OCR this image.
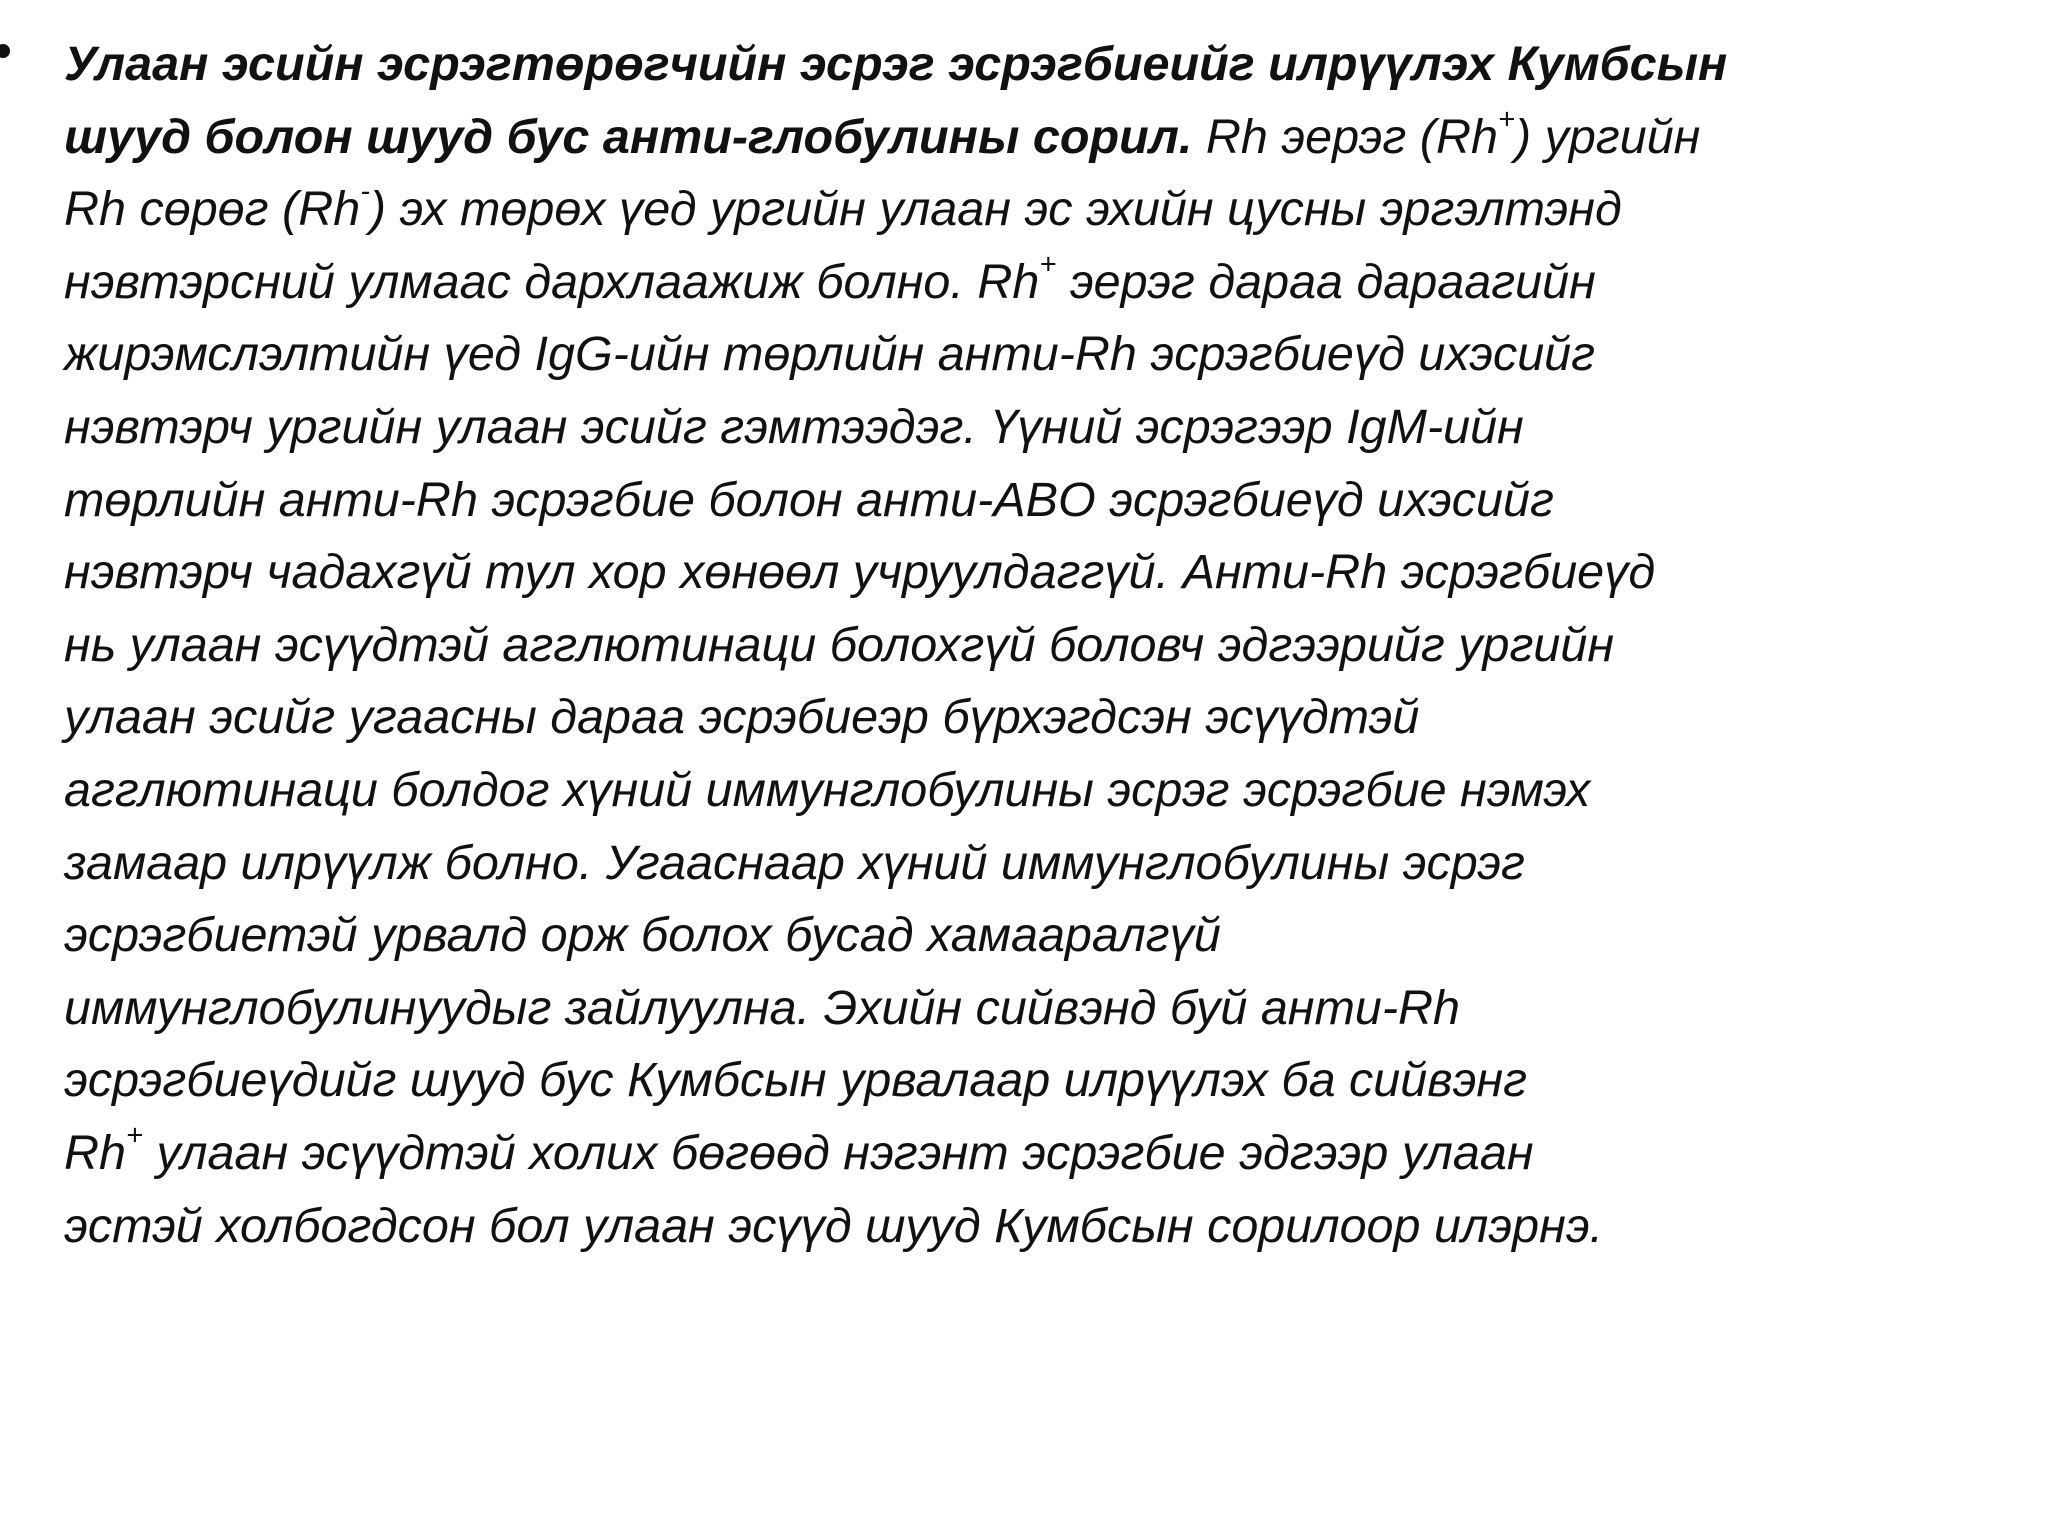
Улаан эсийн эсрэгтөрөгчийн эсрэг эсрэгбиеийг илрүүлэх Кумбсын
шууд болон шууд бус анти-глобулины сорил. Rh эерэг (Rh+) ургийн
Rh сөрөг (Rh-) эх төрөх үед ургийн улаан эс эхийн цусны эргэлтэнд
нэвтэрсний улмаас дархлаажиж болно. Rh+ эерэг дараа дараагийн
жирэмслэлтийн үед IgG-ийн төрлийн анти-Rh эсрэгбиеүд ихэсийг
нэвтэрч ургийн улаан эсийг гэмтээдэг. Үүний эсрэгээр IgM-ийн
төрлийн анти-Rh эсрэгбие болон анти-ABO эсрэгбиеүд ихэсийг
нэвтэрч чадахгүй тул хор хөнөөл учруулдаггүй. Анти-Rh эсрэгбиеүд
нь улаан эсүүдтэй агглютинаци болохгүй боловч эдгээрийг ургийн
улаан эсийг угаасны дараа эсрэбиеэр бүрхэгдсэн эсүүдтэй
агглютинаци болдог хүний иммунглобулины эсрэг эсрэгбие нэмэх
замаар илрүүлж болно. Угааснаар хүний иммунглобулины эсрэг
эсрэгбиетэй урвалд орж болох бусад хамааралгүй
иммунглобулинуудыг зайлуулна. Эхийн сийвэнд буй анти-Rh
эсрэгбиеүдийг шууд бус Кумбсын урвалаар илрүүлэх ба сийвэнг
Rh+ улаан эсүүдтэй холих бөгөөд нэгэнт эсрэгбие эдгээр улаан
эстэй холбогдсон бол улаан эсүүд шууд Кумбсын сорилоор илэрнэ.
